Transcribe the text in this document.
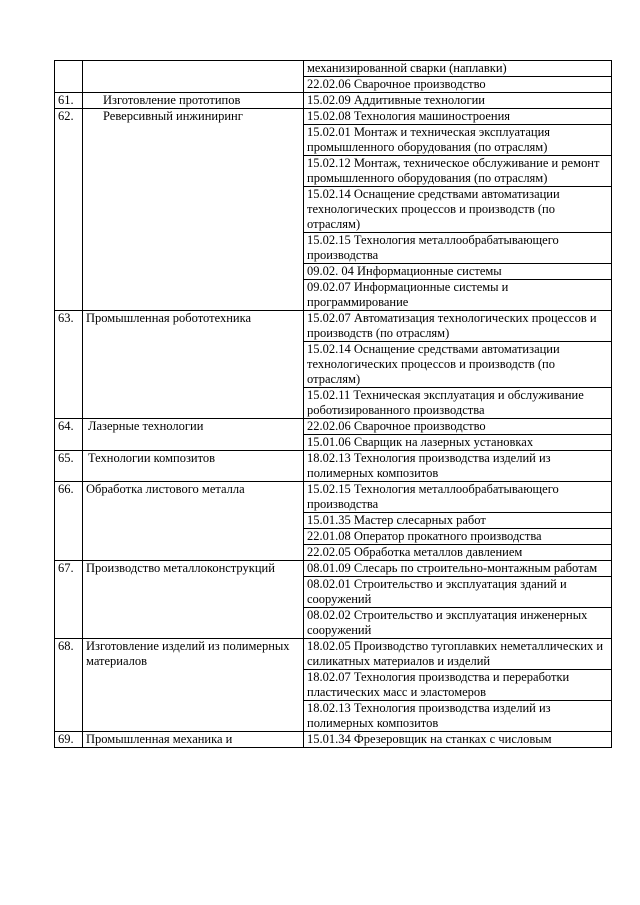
		механизированной сварки (наплавки)
		22.02.06 Сварочное производство
61.	Изготовление прототипов	15.02.09 Аддитивные технологии
62.	Реверсивный инжиниринг	15.02.08 Технология машиностроения
		15.02.01 Монтаж и техническая эксплуатация промышленного оборудования (по отраслям)
		15.02.12 Монтаж, техническое обслуживание и ремонт промышленного оборудования (по отраслям)
		15.02.14 Оснащение средствами автоматизации технологических процессов и производств (по отраслям)
		15.02.15 Технология металлообрабатывающего производства
		09.02. 04 Информационные системы
		09.02.07 Информационные системы и программирование
63.	Промышленная робототехника	15.02.07 Автоматизация технологических процессов и производств (по отраслям)
		15.02.14 Оснащение средствами автоматизации технологических процессов и производств (по отраслям)
		15.02.11 Техническая эксплуатация и обслуживание роботизированного производства
64.	Лазерные технологии	22.02.06 Сварочное производство
		15.01.06 Сварщик на лазерных установках
65.	Технологии композитов	18.02.13 Технология производства изделий из полимерных композитов
66.	Обработка листового металла	15.02.15 Технология металлообрабатывающего производства
		15.01.35 Мастер слесарных работ
		22.01.08 Оператор прокатного производства
		22.02.05 Обработка металлов давлением
67.	Производство металлоконструкций	08.01.09 Слесарь по строительно-монтажным работам
		08.02.01 Строительство и эксплуатация зданий и сооружений
		08.02.02 Строительство и эксплуатация инженерных сооружений
68.	Изготовление изделий из полимерных материалов	18.02.05 Производство тугоплавких неметаллических и силикатных материалов и изделий
		18.02.07 Технология производства и переработки пластических масс и эластомеров
		18.02.13 Технология производства изделий из полимерных композитов
69.	Промышленная механика и	15.01.34 Фрезеровщик на станках с числовым
